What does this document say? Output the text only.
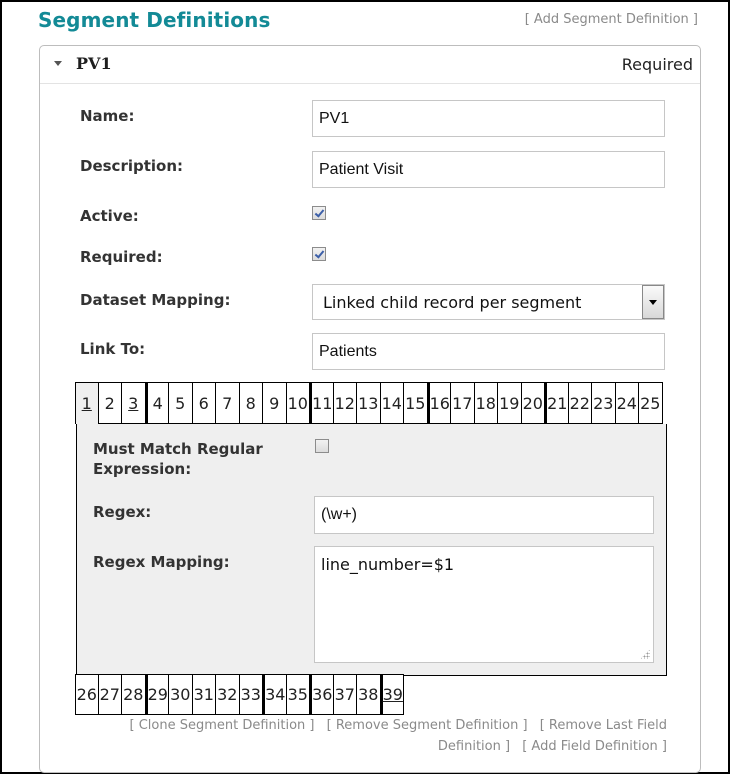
Segment Definitions	[ Add Segment Definition ]
PV1	Required
Name:	PV1
Description:	Patient Visit
Active:
Required:
Dataset Mapping:	Linked child record per segment
Link To:	Patients
1 2 3 4 5 6 7 8 9 10 11 12 13 14 15 16 17 18 19 20 21 22 23 24 25
Must Match Regular Expression:
Regex:	(\w+)
Regex Mapping:	line_number=$1
26 27 28 29 30 31 32 33 34 35 36 37 38 39
[ Clone Segment Definition ] [ Remove Segment Definition ] [ Remove Last Field Definition ] [ Add Field Definition ]
